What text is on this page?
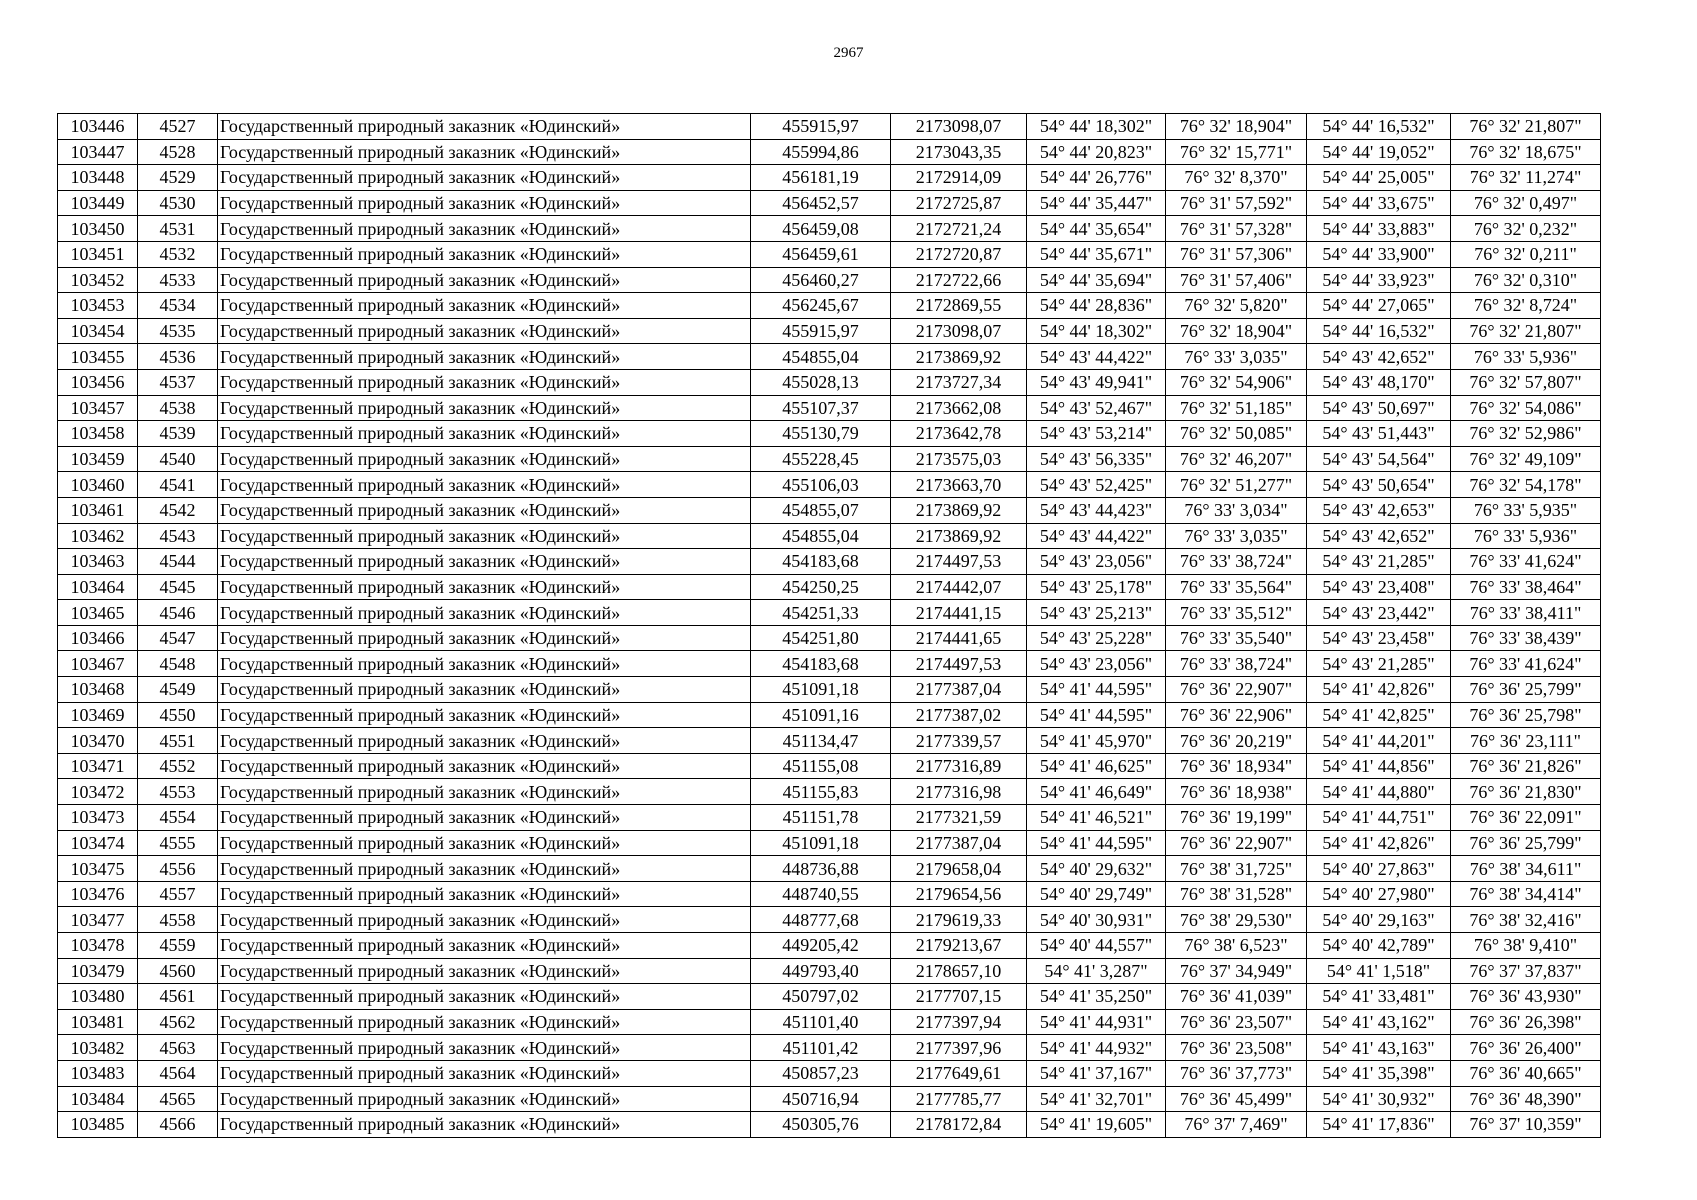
2967
103446	4527	Государственный природный заказник «Юдинский»	455915,97	2173098,07	54° 44' 18,302"	76° 32' 18,904"	54° 44' 16,532"	76° 32' 21,807"
103447	4528	Государственный природный заказник «Юдинский»	455994,86	2173043,35	54° 44' 20,823"	76° 32' 15,771"	54° 44' 19,052"	76° 32' 18,675"
103448	4529	Государственный природный заказник «Юдинский»	456181,19	2172914,09	54° 44' 26,776"	76° 32' 8,370"	54° 44' 25,005"	76° 32' 11,274"
103449	4530	Государственный природный заказник «Юдинский»	456452,57	2172725,87	54° 44' 35,447"	76° 31' 57,592"	54° 44' 33,675"	76° 32' 0,497"
103450	4531	Государственный природный заказник «Юдинский»	456459,08	2172721,24	54° 44' 35,654"	76° 31' 57,328"	54° 44' 33,883"	76° 32' 0,232"
103451	4532	Государственный природный заказник «Юдинский»	456459,61	2172720,87	54° 44' 35,671"	76° 31' 57,306"	54° 44' 33,900"	76° 32' 0,211"
103452	4533	Государственный природный заказник «Юдинский»	456460,27	2172722,66	54° 44' 35,694"	76° 31' 57,406"	54° 44' 33,923"	76° 32' 0,310"
103453	4534	Государственный природный заказник «Юдинский»	456245,67	2172869,55	54° 44' 28,836"	76° 32' 5,820"	54° 44' 27,065"	76° 32' 8,724"
103454	4535	Государственный природный заказник «Юдинский»	455915,97	2173098,07	54° 44' 18,302"	76° 32' 18,904"	54° 44' 16,532"	76° 32' 21,807"
103455	4536	Государственный природный заказник «Юдинский»	454855,04	2173869,92	54° 43' 44,422"	76° 33' 3,035"	54° 43' 42,652"	76° 33' 5,936"
103456	4537	Государственный природный заказник «Юдинский»	455028,13	2173727,34	54° 43' 49,941"	76° 32' 54,906"	54° 43' 48,170"	76° 32' 57,807"
103457	4538	Государственный природный заказник «Юдинский»	455107,37	2173662,08	54° 43' 52,467"	76° 32' 51,185"	54° 43' 50,697"	76° 32' 54,086"
103458	4539	Государственный природный заказник «Юдинский»	455130,79	2173642,78	54° 43' 53,214"	76° 32' 50,085"	54° 43' 51,443"	76° 32' 52,986"
103459	4540	Государственный природный заказник «Юдинский»	455228,45	2173575,03	54° 43' 56,335"	76° 32' 46,207"	54° 43' 54,564"	76° 32' 49,109"
103460	4541	Государственный природный заказник «Юдинский»	455106,03	2173663,70	54° 43' 52,425"	76° 32' 51,277"	54° 43' 50,654"	76° 32' 54,178"
103461	4542	Государственный природный заказник «Юдинский»	454855,07	2173869,92	54° 43' 44,423"	76° 33' 3,034"	54° 43' 42,653"	76° 33' 5,935"
103462	4543	Государственный природный заказник «Юдинский»	454855,04	2173869,92	54° 43' 44,422"	76° 33' 3,035"	54° 43' 42,652"	76° 33' 5,936"
103463	4544	Государственный природный заказник «Юдинский»	454183,68	2174497,53	54° 43' 23,056"	76° 33' 38,724"	54° 43' 21,285"	76° 33' 41,624"
103464	4545	Государственный природный заказник «Юдинский»	454250,25	2174442,07	54° 43' 25,178"	76° 33' 35,564"	54° 43' 23,408"	76° 33' 38,464"
103465	4546	Государственный природный заказник «Юдинский»	454251,33	2174441,15	54° 43' 25,213"	76° 33' 35,512"	54° 43' 23,442"	76° 33' 38,411"
103466	4547	Государственный природный заказник «Юдинский»	454251,80	2174441,65	54° 43' 25,228"	76° 33' 35,540"	54° 43' 23,458"	76° 33' 38,439"
103467	4548	Государственный природный заказник «Юдинский»	454183,68	2174497,53	54° 43' 23,056"	76° 33' 38,724"	54° 43' 21,285"	76° 33' 41,624"
103468	4549	Государственный природный заказник «Юдинский»	451091,18	2177387,04	54° 41' 44,595"	76° 36' 22,907"	54° 41' 42,826"	76° 36' 25,799"
103469	4550	Государственный природный заказник «Юдинский»	451091,16	2177387,02	54° 41' 44,595"	76° 36' 22,906"	54° 41' 42,825"	76° 36' 25,798"
103470	4551	Государственный природный заказник «Юдинский»	451134,47	2177339,57	54° 41' 45,970"	76° 36' 20,219"	54° 41' 44,201"	76° 36' 23,111"
103471	4552	Государственный природный заказник «Юдинский»	451155,08	2177316,89	54° 41' 46,625"	76° 36' 18,934"	54° 41' 44,856"	76° 36' 21,826"
103472	4553	Государственный природный заказник «Юдинский»	451155,83	2177316,98	54° 41' 46,649"	76° 36' 18,938"	54° 41' 44,880"	76° 36' 21,830"
103473	4554	Государственный природный заказник «Юдинский»	451151,78	2177321,59	54° 41' 46,521"	76° 36' 19,199"	54° 41' 44,751"	76° 36' 22,091"
103474	4555	Государственный природный заказник «Юдинский»	451091,18	2177387,04	54° 41' 44,595"	76° 36' 22,907"	54° 41' 42,826"	76° 36' 25,799"
103475	4556	Государственный природный заказник «Юдинский»	448736,88	2179658,04	54° 40' 29,632"	76° 38' 31,725"	54° 40' 27,863"	76° 38' 34,611"
103476	4557	Государственный природный заказник «Юдинский»	448740,55	2179654,56	54° 40' 29,749"	76° 38' 31,528"	54° 40' 27,980"	76° 38' 34,414"
103477	4558	Государственный природный заказник «Юдинский»	448777,68	2179619,33	54° 40' 30,931"	76° 38' 29,530"	54° 40' 29,163"	76° 38' 32,416"
103478	4559	Государственный природный заказник «Юдинский»	449205,42	2179213,67	54° 40' 44,557"	76° 38' 6,523"	54° 40' 42,789"	76° 38' 9,410"
103479	4560	Государственный природный заказник «Юдинский»	449793,40	2178657,10	54° 41' 3,287"	76° 37' 34,949"	54° 41' 1,518"	76° 37' 37,837"
103480	4561	Государственный природный заказник «Юдинский»	450797,02	2177707,15	54° 41' 35,250"	76° 36' 41,039"	54° 41' 33,481"	76° 36' 43,930"
103481	4562	Государственный природный заказник «Юдинский»	451101,40	2177397,94	54° 41' 44,931"	76° 36' 23,507"	54° 41' 43,162"	76° 36' 26,398"
103482	4563	Государственный природный заказник «Юдинский»	451101,42	2177397,96	54° 41' 44,932"	76° 36' 23,508"	54° 41' 43,163"	76° 36' 26,400"
103483	4564	Государственный природный заказник «Юдинский»	450857,23	2177649,61	54° 41' 37,167"	76° 36' 37,773"	54° 41' 35,398"	76° 36' 40,665"
103484	4565	Государственный природный заказник «Юдинский»	450716,94	2177785,77	54° 41' 32,701"	76° 36' 45,499"	54° 41' 30,932"	76° 36' 48,390"
103485	4566	Государственный природный заказник «Юдинский»	450305,76	2178172,84	54° 41' 19,605"	76° 37' 7,469"	54° 41' 17,836"	76° 37' 10,359"
